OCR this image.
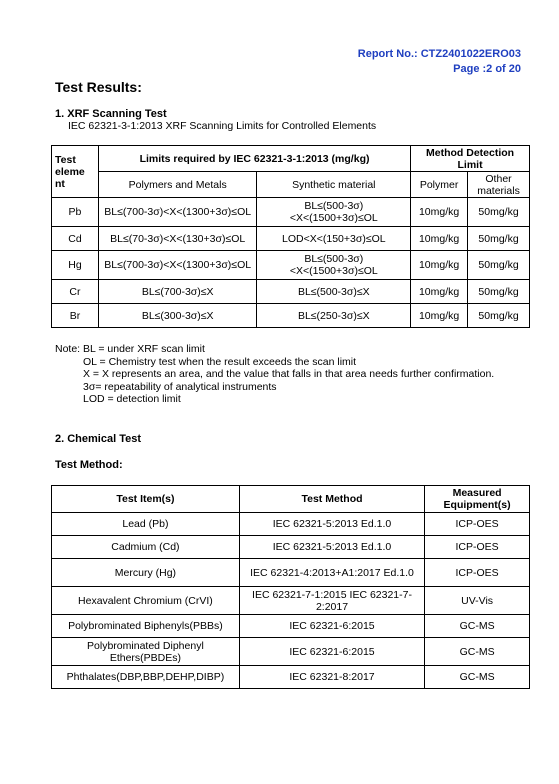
Report No.: CTZ2401022ERO03
Page :2 of 20
Test Results:
1. XRF Scanning Test
IEC 62321-3-1:2013 XRF Scanning Limits for Controlled Elements
Test eleme nt	Limits required by IEC 62321-3-1:2013 (mg/kg)		Method Detection Limit	
	Polymers and Metals	Synthetic material	Polymer	Other materials
Pb	BL≤(700-3σ)<X<(1300+3σ)≤OL	BL≤(500-3σ)<X<(1500+3σ)≤OL	10mg/kg	50mg/kg
Cd	BL≤(70-3σ)<X<(130+3σ)≤OL	LOD<X<(150+3σ)≤OL	10mg/kg	50mg/kg
Hg	BL≤(700-3σ)<X<(1300+3σ)≤OL	BL≤(500-3σ)<X<(1500+3σ)≤OL	10mg/kg	50mg/kg
Cr	BL≤(700-3σ)≤X	BL≤(500-3σ)≤X	10mg/kg	50mg/kg
Br	BL≤(300-3σ)≤X	BL≤(250-3σ)≤X	10mg/kg	50mg/kg
Note: BL = under XRF scan limit
OL = Chemistry test when the result exceeds the scan limit
X = X represents an area, and the value that falls in that area needs further confirmation.
3σ= repeatability of analytical instruments
LOD = detection limit
2. Chemical Test
Test Method:
Test Item(s)	Test Method	Measured Equipment(s)
Lead (Pb)	IEC 62321-5:2013 Ed.1.0	ICP-OES
Cadmium (Cd)	IEC 62321-5:2013 Ed.1.0	ICP-OES
Mercury (Hg)	IEC 62321-4:2013+A1:2017 Ed.1.0	ICP-OES
Hexavalent Chromium (CrVI)	IEC 62321-7-1:2015 IEC 62321-7-2:2017	UV-Vis
Polybrominated Biphenyls(PBBs)	IEC 62321-6:2015	GC-MS
Polybrominated Diphenyl Ethers(PBDEs)	IEC 62321-6:2015	GC-MS
Phthalates(DBP,BBP,DEHP,DIBP)	IEC 62321-8:2017	GC-MS
